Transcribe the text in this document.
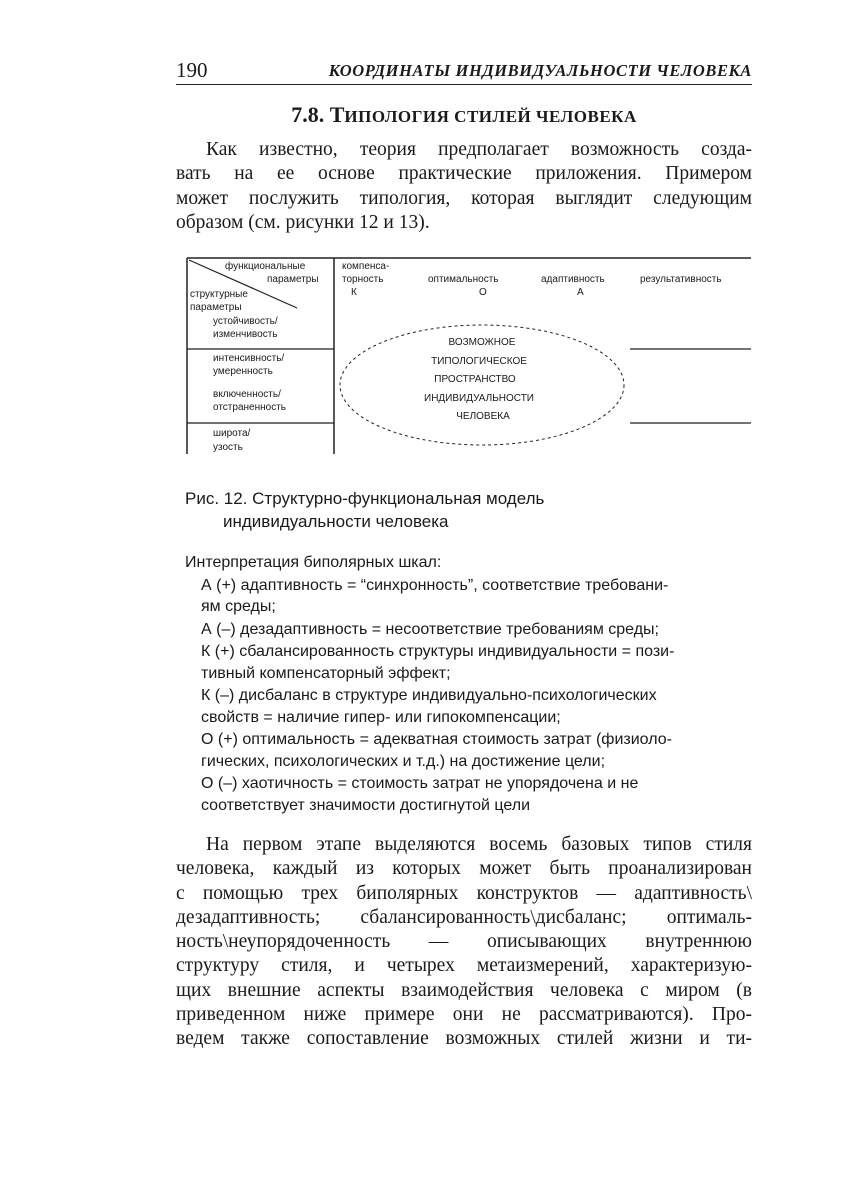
190	КООРДИНАТЫ ИНДИВИДУАЛЬНОСТИ ЧЕЛОВЕКА
7.8. ТИПОЛОГИЯ СТИЛЕЙ ЧЕЛОВЕКА
Как известно, теория предполагает возможность созда-
вать на ее основе практические приложения. Примером
может послужить типология, которая выглядит следующим
образом (см. рисунки 12 и 13).
функциональные
параметры
структурные
параметры
устойчивость/
изменчивость
интенсивность/
умеренность
включенность/
отстраненность
широта/
узость
компенса-
торность
К
оптимальность
О
адаптивность
А
результативность
ВОЗМОЖНОЕ
ТИПОЛОГИЧЕСКОЕ
ПРОСТРАНСТВО
ИНДИВИДУАЛЬНОСТИ
ЧЕЛОВЕКА
Рис. 12. Структурно-функциональная модель
индивидуальности человека
Интерпретация биполярных шкал:
А (+) адаптивность = “синхронность”, соответствие требовани-
ям среды;
А (–) дезадаптивность = несоответствие требованиям среды;
К (+) сбалансированность структуры индивидуальности = пози-
тивный компенсаторный эффект;
К (–) дисбаланс в структуре индивидуально-психологических
свойств = наличие гипер- или гипокомпенсации;
О (+) оптимальность = адекватная стоимость затрат (физиоло-
гических, психологических и т.д.) на достижение цели;
О (–) хаотичность = стоимость затрат не упорядочена и не
соответствует значимости достигнутой цели
На первом этапе выделяются восемь базовых типов стиля
человека, каждый из которых может быть проанализирован
с помощью трех биполярных конструктов — адаптивность\
дезадаптивность; сбалансированность\дисбаланс; оптималь-
ность\неупорядоченность — описывающих внутреннюю
структуру стиля, и четырех метаизмерений, характеризую-
щих внешние аспекты взаимодействия человека с миром (в
приведенном ниже примере они не рассматриваются). Про-
ведем также сопоставление возможных стилей жизни и ти-
